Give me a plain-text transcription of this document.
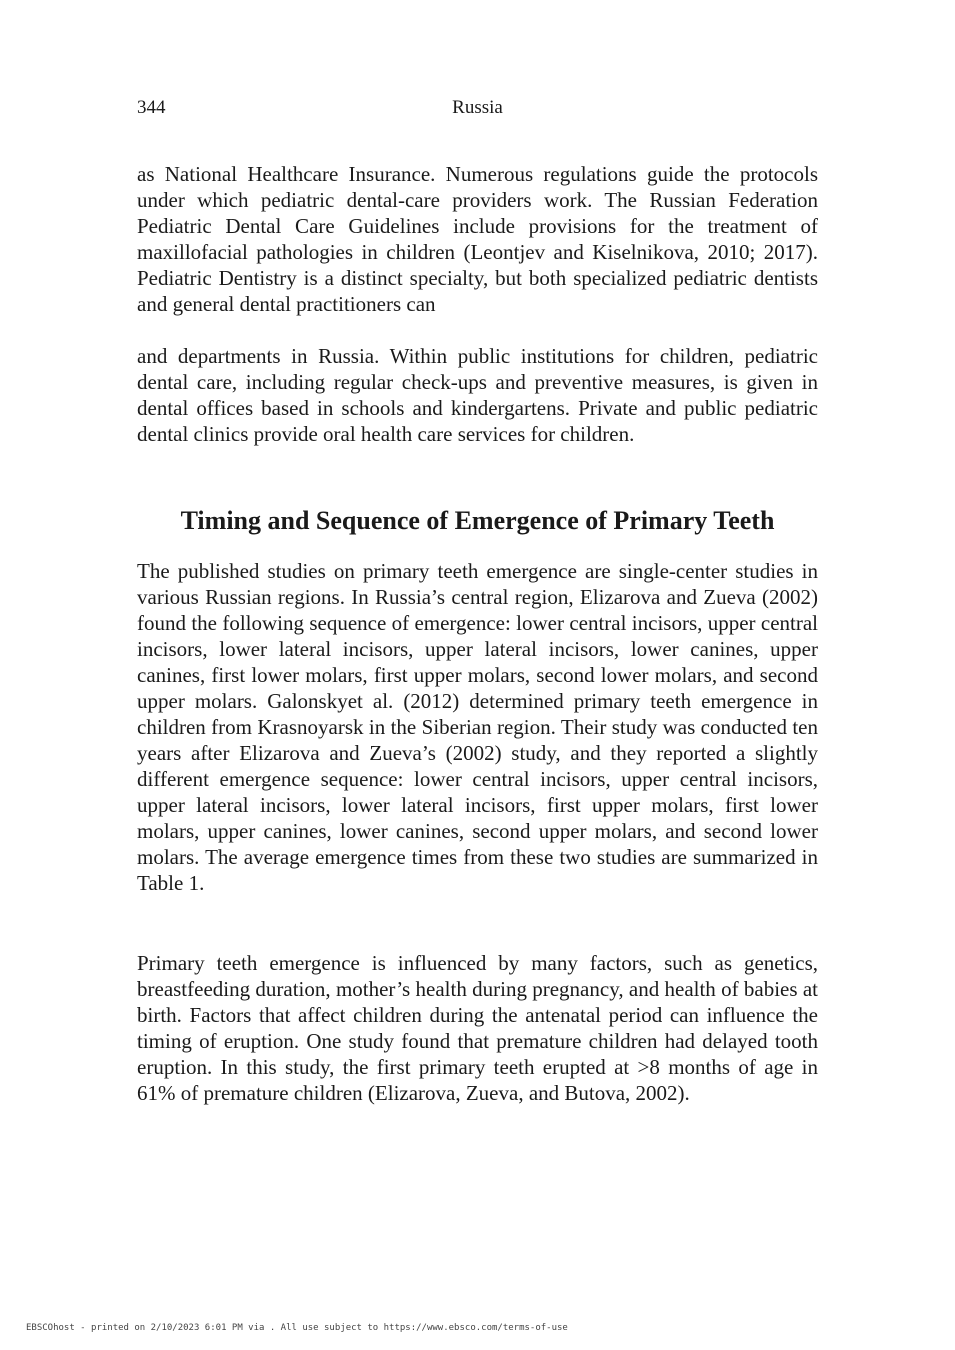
344	Russia

as National Healthcare Insurance. Numerous regulations guide the protocols under which pediatric dental-care providers work. The Russian Federation Pediatric Dental Care Guidelines include provisions for the treatment of maxillofacial pathologies in children (Leontjev and Kiselnikova, 2010; 2017). Pediatric Dentistry is a distinct specialty, but both specialized pediatric dentists and general dental practitioners can

and departments in Russia. Within public institutions for children, pediatric dental care, including regular check-ups and preventive measures, is given in dental offices based in schools and kindergartens. Private and public pediatric dental clinics provide oral health care services for children.

Timing and Sequence of Emergence of Primary Teeth

The published studies on primary teeth emergence are single-center studies in various Russian regions. In Russia’s central region, Elizarova and Zueva (2002) found the following sequence of emergence: lower central incisors, upper central incisors, lower lateral incisors, upper lateral incisors, lower canines, upper canines, first lower molars, first upper molars, second lower molars, and second upper molars. Galonskyet al. (2012) determined primary teeth emergence in children from Krasnoyarsk in the Siberian region. Their study was conducted ten years after Elizarova and Zueva’s (2002) study, and they reported a slightly different emergence sequence: lower central incisors, upper central incisors, upper lateral incisors, lower lateral incisors, first upper molars, first lower molars, upper canines, lower canines, second upper molars, and second lower molars. The average emergence times from these two studies are summarized in Table 1.

Primary teeth emergence is influenced by many factors, such as genetics, breastfeeding duration, mother’s health during pregnancy, and health of babies at birth. Factors that affect children during the antenatal period can influence the timing of eruption. One study found that premature children had delayed tooth eruption. In this study, the first primary teeth erupted at >8 months of age in 61% of premature children (Elizarova, Zueva, and Butova, 2002).

EBSCOhost - printed on 2/10/2023 6:01 PM via . All use subject to https://www.ebsco.com/terms-of-use
